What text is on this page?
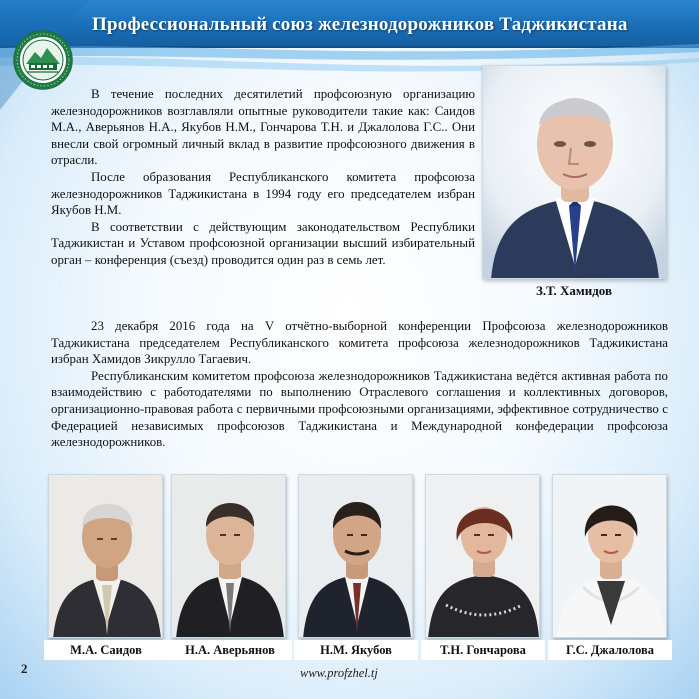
Профессиональный союз железнодорожников Таджикистана

В течение последних десятилетий профсоюзную организацию железнодорожников возглавляли опытные руководители такие как: Саидов М.А., Аверьянов Н.А., Якубов Н.М., Гончарова Т.Н. и Джалолова Г.С.. Они внесли свой огромный личный вклад в развитие профсоюзного движения в отрасли.

После образования Республиканского комитета профсоюза железнодорожников Таджикистана в 1994 году его председателем избран Якубов Н.М.

В соответствии с действующим законодательством Республики Таджикистан и Уставом профсоюзной организации высший избирательный орган – конференция (съезд) проводится один раз в семь лет.

З.Т. Хамидов

23 декабря 2016 года на V отчётно-выборной конференции Профсоюза железнодорожников Таджикистана председателем Республиканского комитета профсоюза железнодорожников Таджикистана избран Хамидов Зикрулло Тагаевич.

Республиканским комитетом профсоюза железнодорожников Таджикистана ведётся активная работа по взаимодействию с работодателями по выполнению Отраслевого соглашения и коллективных договоров, организационно-правовая работа с первичными профсоюзными организациями, эффективное сотрудничество с Федерацией независимых профсоюзов Таджикистана и Международной конфедерации профсоюза железнодорожников.

М.А. Саидов	Н.А. Аверьянов	Н.М. Якубов	Т.Н. Гончарова	Г.С. Джалолова
2	www.profzhel.tj
